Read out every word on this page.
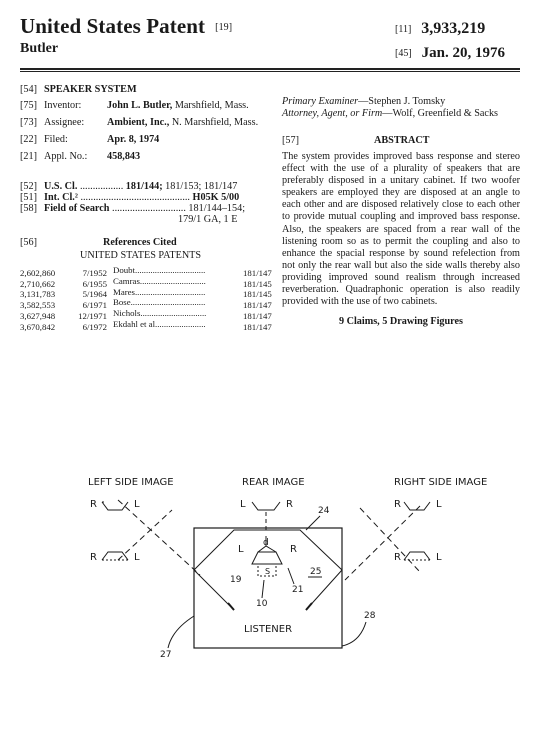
United States Patent [19]
Butler
[11] 3,933,219
[45] Jan. 20, 1976
[54] SPEAKER SYSTEM
[75] Inventor:	John L. Butler, Marshfield, Mass.
[73] Assignee: Ambient, Inc., N. Marshfield, Mass.
[22] Filed:	Apr. 8, 1974
[21] Appl. No.: 458,843
[52] U.S. Cl. ................. 181/144; 181/153; 181/147
[51] Int. Cl.² ........................................... H05K 5/00
[58] Field of Search ............................. 181/144–154;
179/1 GA, 1 E
[56]	References Cited
UNITED STATES PATENTS
2,602,860	7/1952 Doubt................................	181/147
2,710,662	6/1955 Camras..............................	181/145
3,131,783	5/1964 Mares................................	181/145
3,582,553	6/1971 Bose..................................	181/147
3,627,948	12/1971 Nichols..............................	181/147
3,670,842	6/1972 Ekdahl et al.......................	181/147
Primary Examiner—Stephen J. Tomsky
Attorney, Agent, or Firm—Wolf, Greenfield & Sacks
[57]	ABSTRACT
The system provides improved bass response and stereo effect with the use of a plurality of speakers that are preferably disposed in a unitary cabinet. If two woofer speakers are employed they are disposed at an angle to each other and are disposed relatively close to each other to provide mutual coupling and improved bass response. Also, the speakers are spaced from a rear wall of the listening room so as to permit the coupling and also to enhance the spacial response by sound refelection from not only the rear wall but also the side walls thereby also providing improved sound realism through increased reverberation. Quadraphonic operation is also readily provided with the use of two cabinets.
9 Claims, 5 Drawing Figures
LEFT SIDE IMAGE	REAR IMAGE	RIGHT SIDE IMAGE
R	L
R	L
L	R	R	L
R	L
LISTENER
d
L	R
S
19
10
21
25
24
28
27
